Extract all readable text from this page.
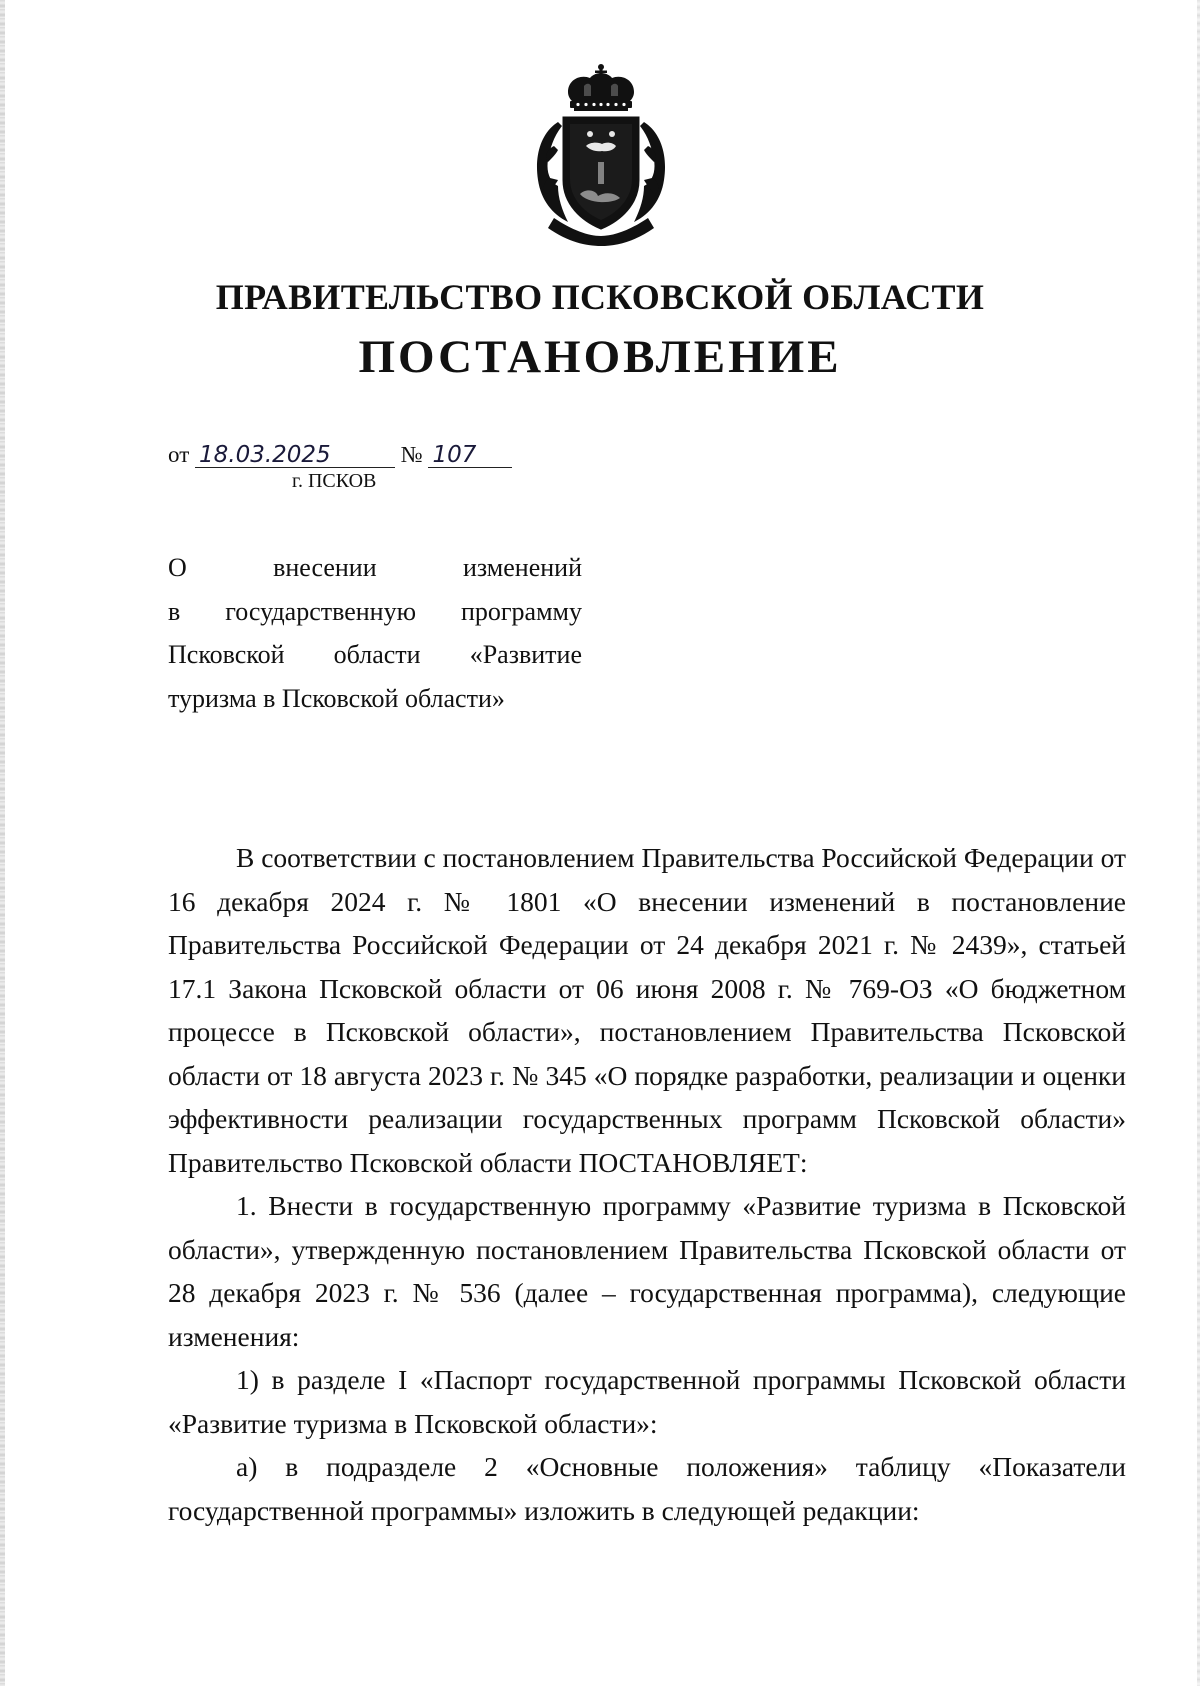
ПРАВИТЕЛЬСТВО ПСКОВСКОЙ ОБЛАСТИ
ПОСТАНОВЛЕНИЕ
от 18.03.2025	№ 107
г. ПСКОВ
О внесении изменений
в государственную программу
Псковской области «Развитие
туризма в Псковской области»

В соответствии с постановлением Правительства Российской Федерации от 16 декабря 2024 г. № 1801 «О внесении изменений в постановление Правительства Российской Федерации от 24 декабря 2021 г. № 2439», статьей 17.1 Закона Псковской области от 06 июня 2008 г. № 769-ОЗ «О бюджетном процессе в Псковской области», постановлением Правительства Псковской области от 18 августа 2023 г. № 345 «О порядке разработки, реализации и оценки эффективности реализации государственных программ Псковской области» Правительство Псковской области ПОСТАНОВЛЯЕТ:

1. Внести в государственную программу «Развитие туризма в Псковской области», утвержденную постановлением Правительства Псковской области от 28 декабря 2023 г. № 536 (далее – государственная программа), следующие изменения:

1) в разделе I «Паспорт государственной программы Псковской области «Развитие туризма в Псковской области»:

а) в подразделе 2 «Основные положения» таблицу «Показатели государственной программы» изложить в следующей редакции:
